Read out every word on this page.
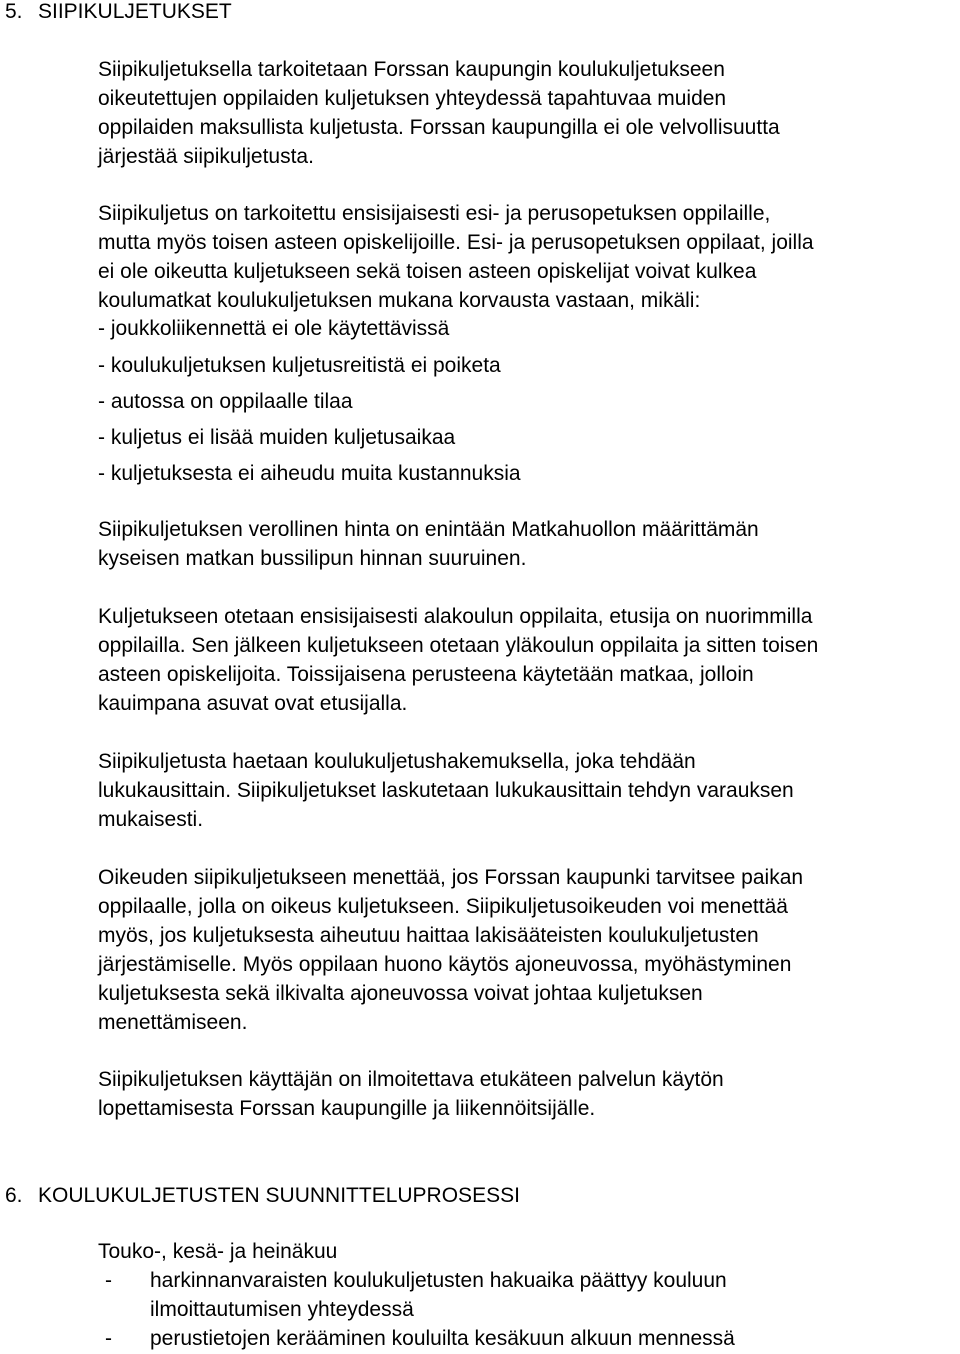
5. SIIPIKULJETUKSET

Siipikuljetuksella tarkoitetaan Forssan kaupungin koulukuljetukseen

oikeutettujen oppilaiden kuljetuksen yhteydessä tapahtuvaa muiden

oppilaiden maksullista kuljetusta. Forssan kaupungilla ei ole velvollisuutta

järjestää siipikuljetusta.

Siipikuljetus on tarkoitettu ensisijaisesti esi- ja perusopetuksen oppilaille,

mutta myös toisen asteen opiskelijoille. Esi- ja perusopetuksen oppilaat, joilla

ei ole oikeutta kuljetukseen sekä toisen asteen opiskelijat voivat kulkea

koulumatkat koulukuljetuksen mukana korvausta vastaan, mikäli:

- joukkoliikennettä ei ole käytettävissä

- koulukuljetuksen kuljetusreitistä ei poiketa

- autossa on oppilaalle tilaa

- kuljetus ei lisää muiden kuljetusaikaa

- kuljetuksesta ei aiheudu muita kustannuksia

Siipikuljetuksen verollinen hinta on enintään Matkahuollon määrittämän

kyseisen matkan bussilipun hinnan suuruinen.

Kuljetukseen otetaan ensisijaisesti alakoulun oppilaita, etusija on nuorimmilla

oppilailla. Sen jälkeen kuljetukseen otetaan yläkoulun oppilaita ja sitten toisen

asteen opiskelijoita. Toissijaisena perusteena käytetään matkaa, jolloin

kauimpana asuvat ovat etusijalla.

Siipikuljetusta haetaan koulukuljetushakemuksella, joka tehdään

lukukausittain. Siipikuljetukset laskutetaan lukukausittain tehdyn varauksen

mukaisesti.

Oikeuden siipikuljetukseen menettää, jos Forssan kaupunki tarvitsee paikan

oppilaalle, jolla on oikeus kuljetukseen. Siipikuljetusoikeuden voi menettää

myös, jos kuljetuksesta aiheutuu haittaa lakisääteisten koulukuljetusten

järjestämiselle. Myös oppilaan huono käytös ajoneuvossa, myöhästyminen

kuljetuksesta sekä ilkivalta ajoneuvossa voivat johtaa kuljetuksen

menettämiseen.

Siipikuljetuksen käyttäjän on ilmoitettava etukäteen palvelun käytön

lopettamisesta Forssan kaupungille ja liikennöitsijälle.

6. KOULUKULJETUSTEN SUUNNITTELUPROSESSI

Touko-, kesä- ja heinäkuu

- harkinnanvaraisten koulukuljetusten hakuaika päättyy kouluun

ilmoittautumisen yhteydessä

- perustietojen kerääminen kouluilta kesäkuun alkuun mennessä
